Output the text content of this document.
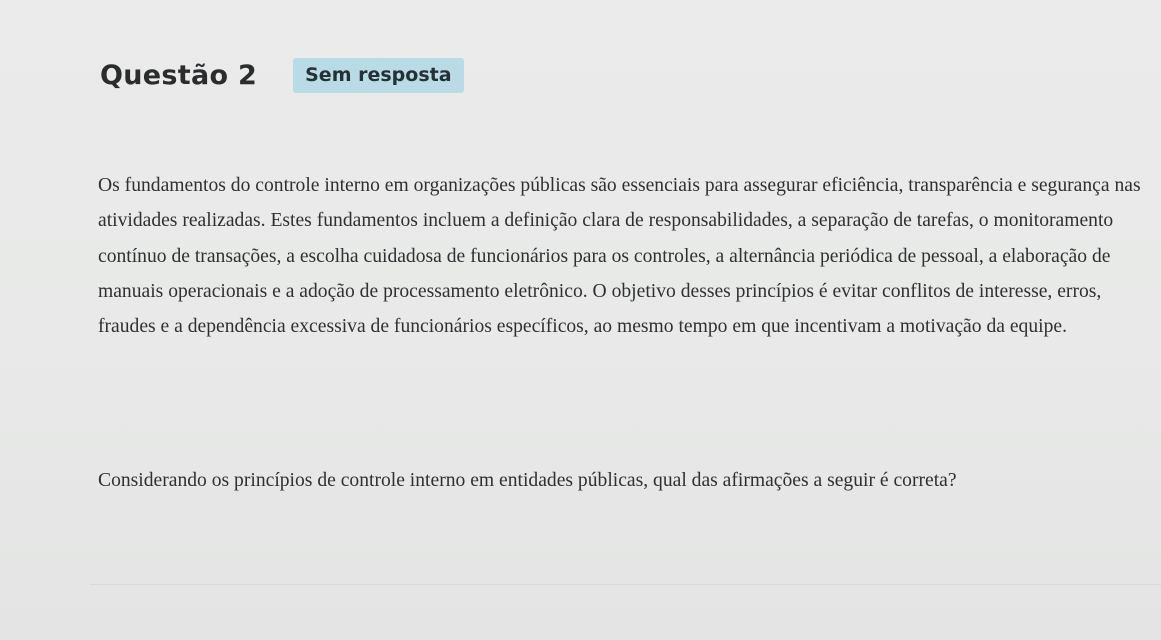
Questão 2	Sem resposta

Os fundamentos do controle interno em organizações públicas são essenciais para assegurar eficiência, transparência e segurança nas atividades realizadas. Estes fundamentos incluem a definição clara de responsabilidades, a separação de tarefas, o monitoramento contínuo de transações, a escolha cuidadosa de funcionários para os controles, a alternância periódica de pessoal, a elaboração de manuais operacionais e a adoção de processamento eletrônico. O objetivo desses princípios é evitar conflitos de interesse, erros, fraudes e a dependência excessiva de funcionários específicos, ao mesmo tempo em que incentivam a motivação da equipe.

Considerando os princípios de controle interno em entidades públicas, qual das afirmações a seguir é correta?
